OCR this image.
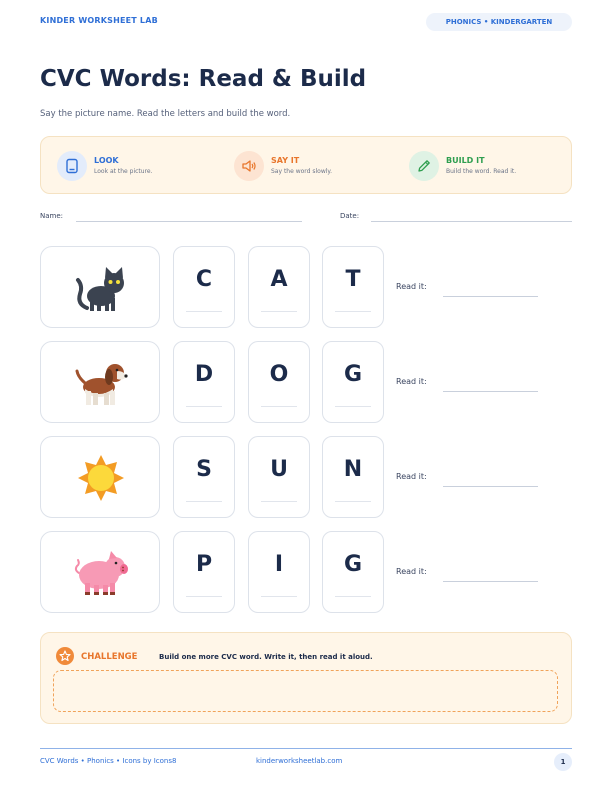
KINDER WORKSHEET LAB	PHONICS • KINDERGARTEN
CVC Words: Read & Build
Say the picture name. Read the letters and build the word.
LOOK
Look at the picture.
SAY IT
Say the word slowly.
BUILD IT
Build the word. Read it.
Name:	Date:
C	A	T	Read it:
D	O	G	Read it:
S	U	N	Read it:
P	I	G	Read it:
CHALLENGE	Build one more CVC word. Write it, then read it aloud.
CVC Words • Phonics • Icons by Icons8	kinderworksheetlab.com	1
